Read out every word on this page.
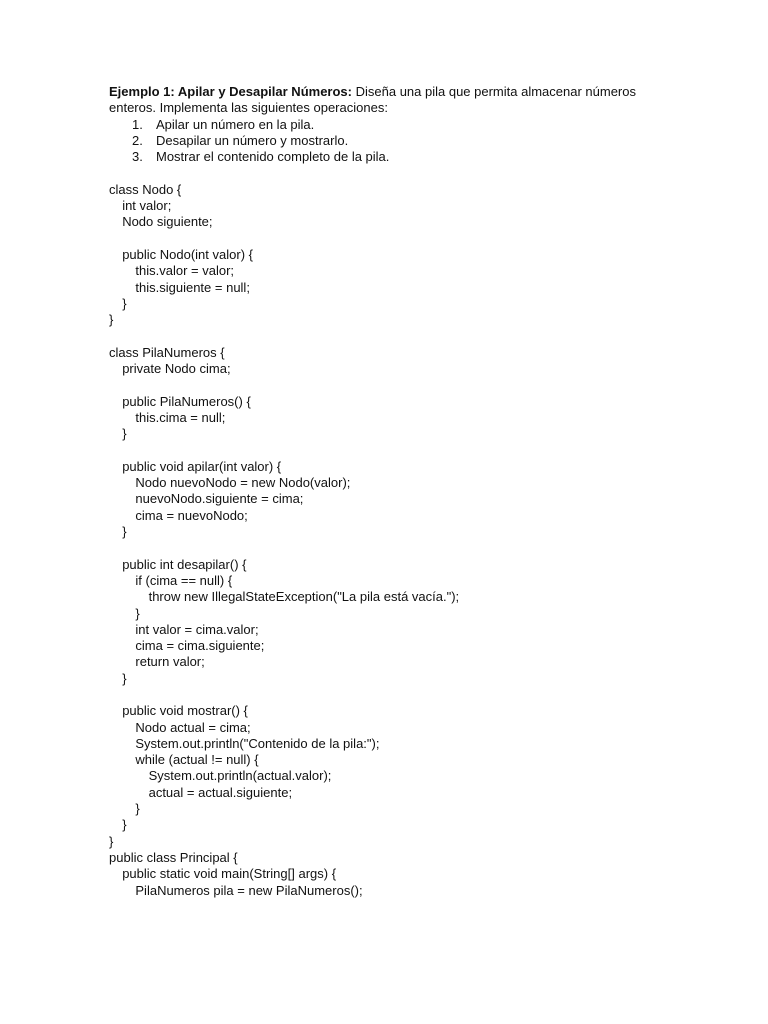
Ejemplo 1: Apilar y Desapilar Números: Diseña una pila que permita almacenar números enteros. Implementa las siguientes operaciones:

1. Apilar un número en la pila.
2. Desapilar un número y mostrarlo.
3. Mostrar el contenido completo de la pila.
class Nodo {
int valor;
Nodo siguiente;
public Nodo(int valor) {
this.valor = valor;
this.siguiente = null;
}
}
class PilaNumeros {
private Nodo cima;
public PilaNumeros() {
this.cima = null;
}
public void apilar(int valor) {
Nodo nuevoNodo = new Nodo(valor);
nuevoNodo.siguiente = cima;
cima = nuevoNodo;
}
public int desapilar() {
if (cima == null) {
throw new IllegalStateException("La pila está vacía.");
}
int valor = cima.valor;
cima = cima.siguiente;
return valor;
}
public void mostrar() {
Nodo actual = cima;
System.out.println("Contenido de la pila:");
while (actual != null) {
System.out.println(actual.valor);
actual = actual.siguiente;
}
}
}
public class Principal {
public static void main(String[] args) {
PilaNumeros pila = new PilaNumeros();
